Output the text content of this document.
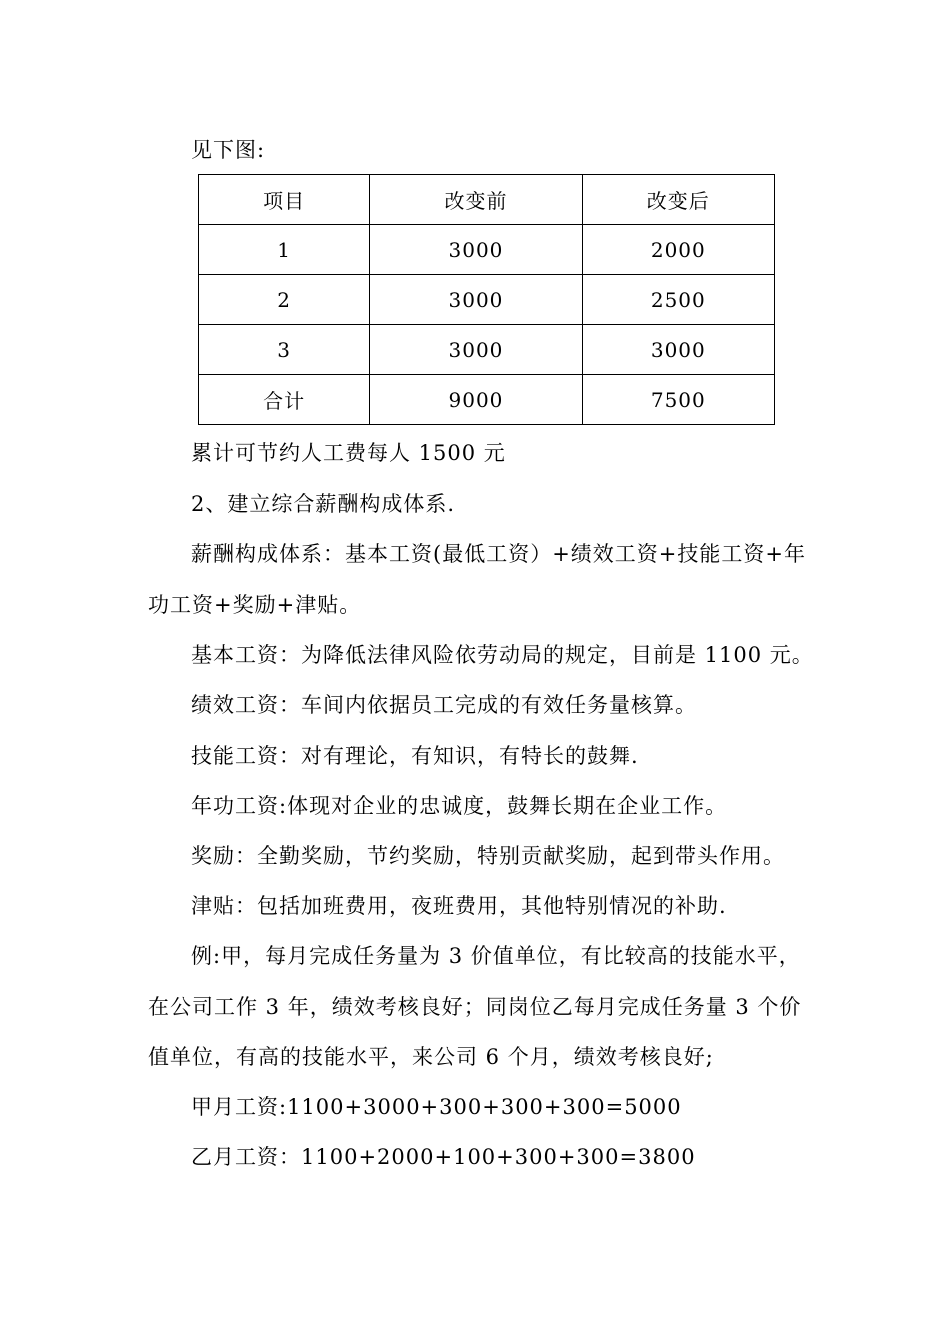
见下图:
项目	改变前	改变后
1	3000	2000
2	3000	2500
3	3000	3000
合计	9000	7500
累计可节约人工费每人 1500 元
2、建立综合薪酬构成体系.
薪酬构成体系：基本工资(最低工资）+绩效工资+技能工资+年
功工资+奖励+津贴。
基本工资：为降低法律风险依劳动局的规定，目前是 1100 元。
绩效工资：车间内依据员工完成的有效任务量核算。
技能工资：对有理论，有知识，有特长的鼓舞.
年功工资:体现对企业的忠诚度，鼓舞长期在企业工作。
奖励：全勤奖励，节约奖励，特别贡献奖励，起到带头作用。
津贴：包括加班费用，夜班费用，其他特别情况的补助.
例:甲，每月完成任务量为 3 价值单位，有比较高的技能水平，
在公司工作 3 年，绩效考核良好；同岗位乙每月完成任务量 3 个价
值单位，有高的技能水平，来公司 6 个月，绩效考核良好;
甲月工资:1100+3000+300+300+300=5000
乙月工资：1100+2000+100+300+300=3800
